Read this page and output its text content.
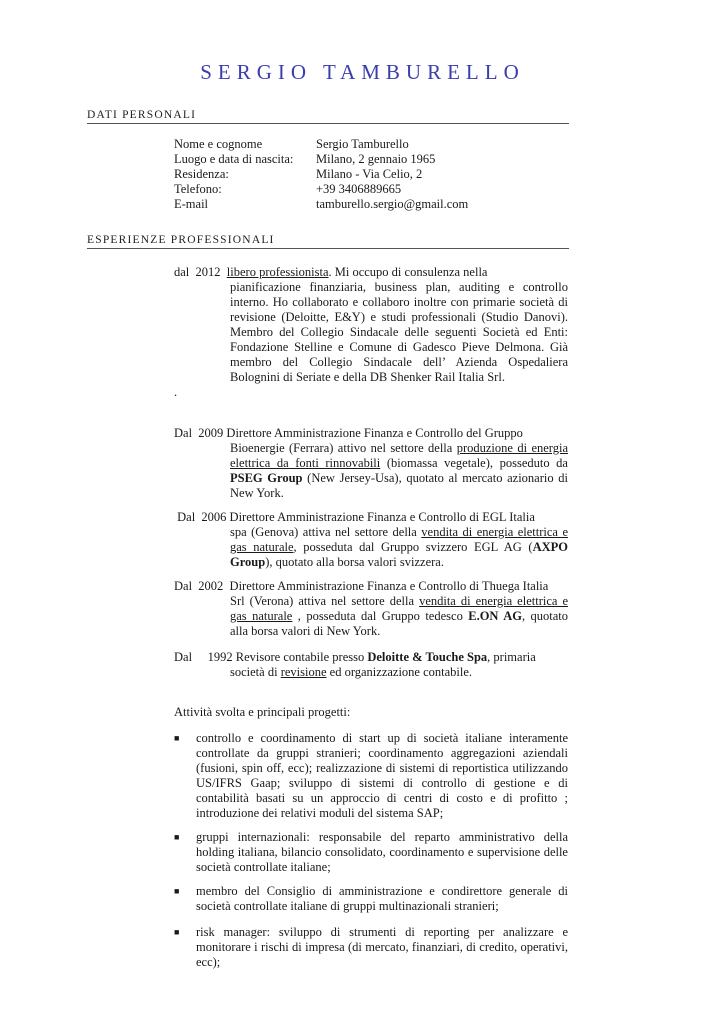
SERGIO TAMBURELLO
DATI PERSONALI
Nome e cognome	Sergio Tamburello
Luogo e data di nascita:	Milano, 2 gennaio 1965
Residenza:	Milano - Via Celio, 2
Telefono:	+39 3406889665
E-mail	tamburello.sergio@gmail.com
ESPERIENZE PROFESSIONALI
dal  2012  libero professionista. Mi occupo di consulenza nella
pianificazione finanziaria, business plan, auditing e controllo interno. Ho collaborato e collaboro inoltre con primarie società di revisione (Deloitte, E&Y) e studi professionali (Studio Danovi). Membro del Collegio Sindacale delle seguenti Società ed Enti: Fondazione Stelline e Comune di Gadesco Pieve Delmona. Già membro del Collegio Sindacale dell’ Azienda Ospedaliera Bolognini di Seriate e della DB Shenker Rail Italia Srl.
.
Dal  2009 Direttore Amministrazione Finanza e Controllo del Gruppo
Bioenergie (Ferrara) attivo nel settore della produzione di energia elettrica da fonti rinnovabili (biomassa vegetale), posseduto da PSEG Group (New Jersey-Usa), quotato al mercato azionario di New York.
Dal  2006 Direttore Amministrazione Finanza e Controllo di EGL Italia
spa (Genova) attiva nel settore della vendita di energia elettrica e gas naturale, posseduta dal Gruppo svizzero EGL AG (AXPO Group), quotato alla borsa valori svizzera.
Dal  2002  Direttore Amministrazione Finanza e Controllo di Thuega Italia
Srl (Verona) attiva nel settore della vendita di energia elettrica e gas naturale , posseduta dal Gruppo tedesco E.ON AG, quotato alla borsa valori di New York.
Dal     1992 Revisore contabile presso Deloitte & Touche Spa, primaria
società di revisione ed organizzazione contabile.
Attività svolta e principali progetti:
■	controllo e coordinamento di start up di società italiane interamente controllate da gruppi stranieri; coordinamento aggregazioni aziendali (fusioni, spin off, ecc); realizzazione di sistemi di reportistica utilizzando US/IFRS Gaap; sviluppo di sistemi di controllo di gestione e di contabilità basati su un approccio di centri di costo e di profitto ; introduzione dei relativi moduli del sistema SAP;
■	gruppi internazionali: responsabile del reparto amministrativo della holding italiana, bilancio consolidato, coordinamento e supervisione delle società controllate italiane;
■	membro del Consiglio di amministrazione e condirettore generale di società controllate italiane di gruppi multinazionali stranieri;
■	risk manager: sviluppo di strumenti di reporting per analizzare e monitorare i rischi di impresa (di mercato, finanziari, di credito, operativi, ecc);
